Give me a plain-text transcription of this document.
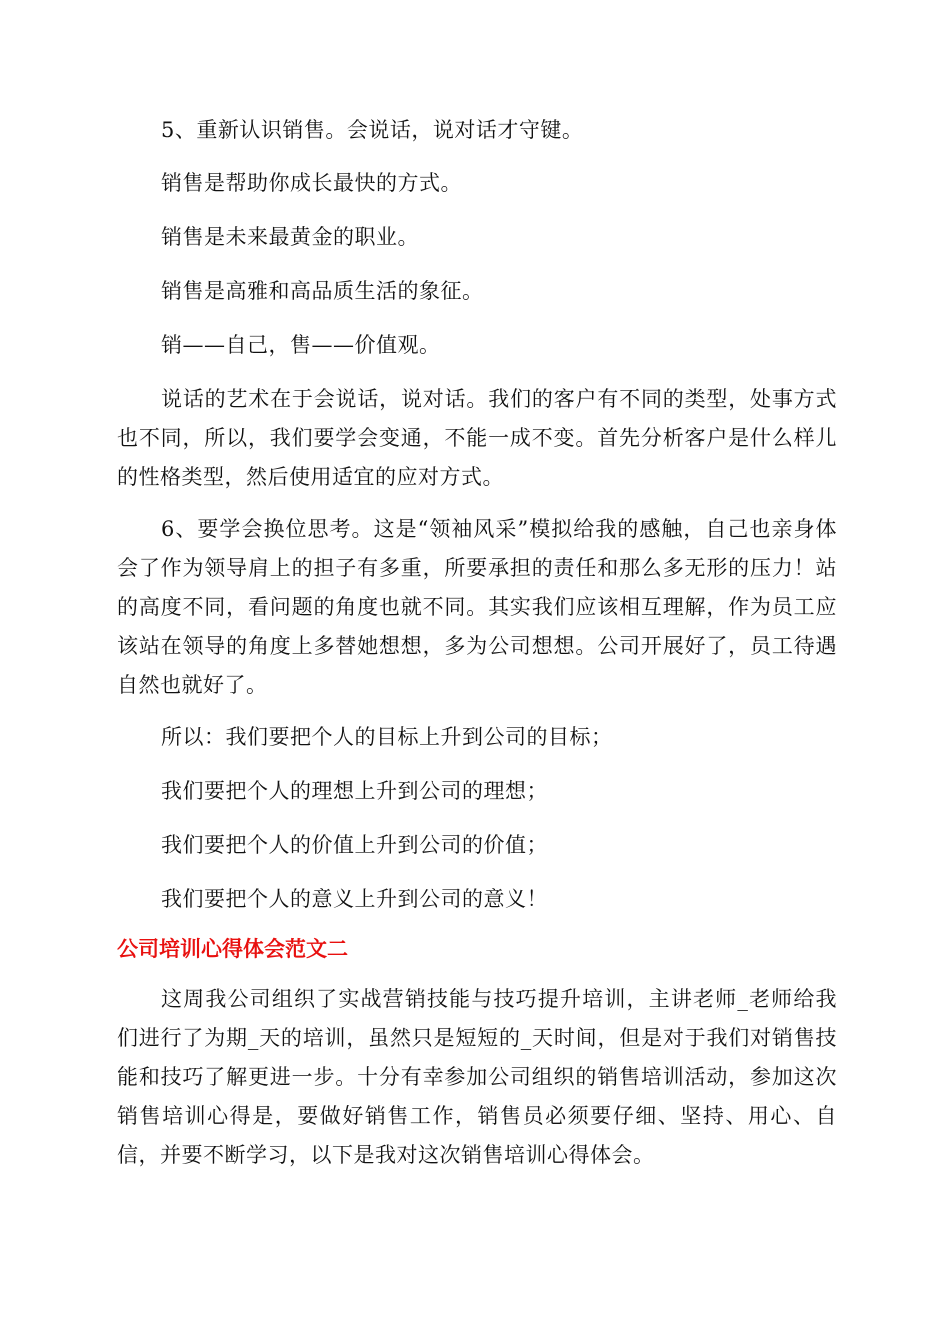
5、重新认识销售。会说话，说对话才守键。

销售是帮助你成长最快的方式。

销售是未来最黄金的职业。

销售是高雅和高品质生活的象征。

销——自己，售——价值观。

说话的艺术在于会说话，说对话。我们的客户有不同的类型，处事方式也不同，所以，我们要学会变通，不能一成不变。首先分析客户是什么样儿的性格类型，然后使用适宜的应对方式。

6、要学会换位思考。这是“领袖风采”模拟给我的感触，自己也亲身体会了作为领导肩上的担子有多重，所要承担的责任和那么多无形的压力！站的高度不同，看问题的角度也就不同。其实我们应该相互理解，作为员工应该站在领导的角度上多替她想想，多为公司想想。公司开展好了，员工待遇自然也就好了。

所以：我们要把个人的目标上升到公司的目标；

我们要把个人的理想上升到公司的理想；

我们要把个人的价值上升到公司的价值；

我们要把个人的意义上升到公司的意义！

公司培训心得体会范文二

这周我公司组织了实战营销技能与技巧提升培训，主讲老师_老师给我们进行了为期_天的培训，虽然只是短短的_天时间，但是对于我们对销售技能和技巧了解更进一步。十分有幸参加公司组织的销售培训活动，参加这次销售培训心得是，要做好销售工作，销售员必须要仔细、坚持、用心、自信，并要不断学习，以下是我对这次销售培训心得体会。
